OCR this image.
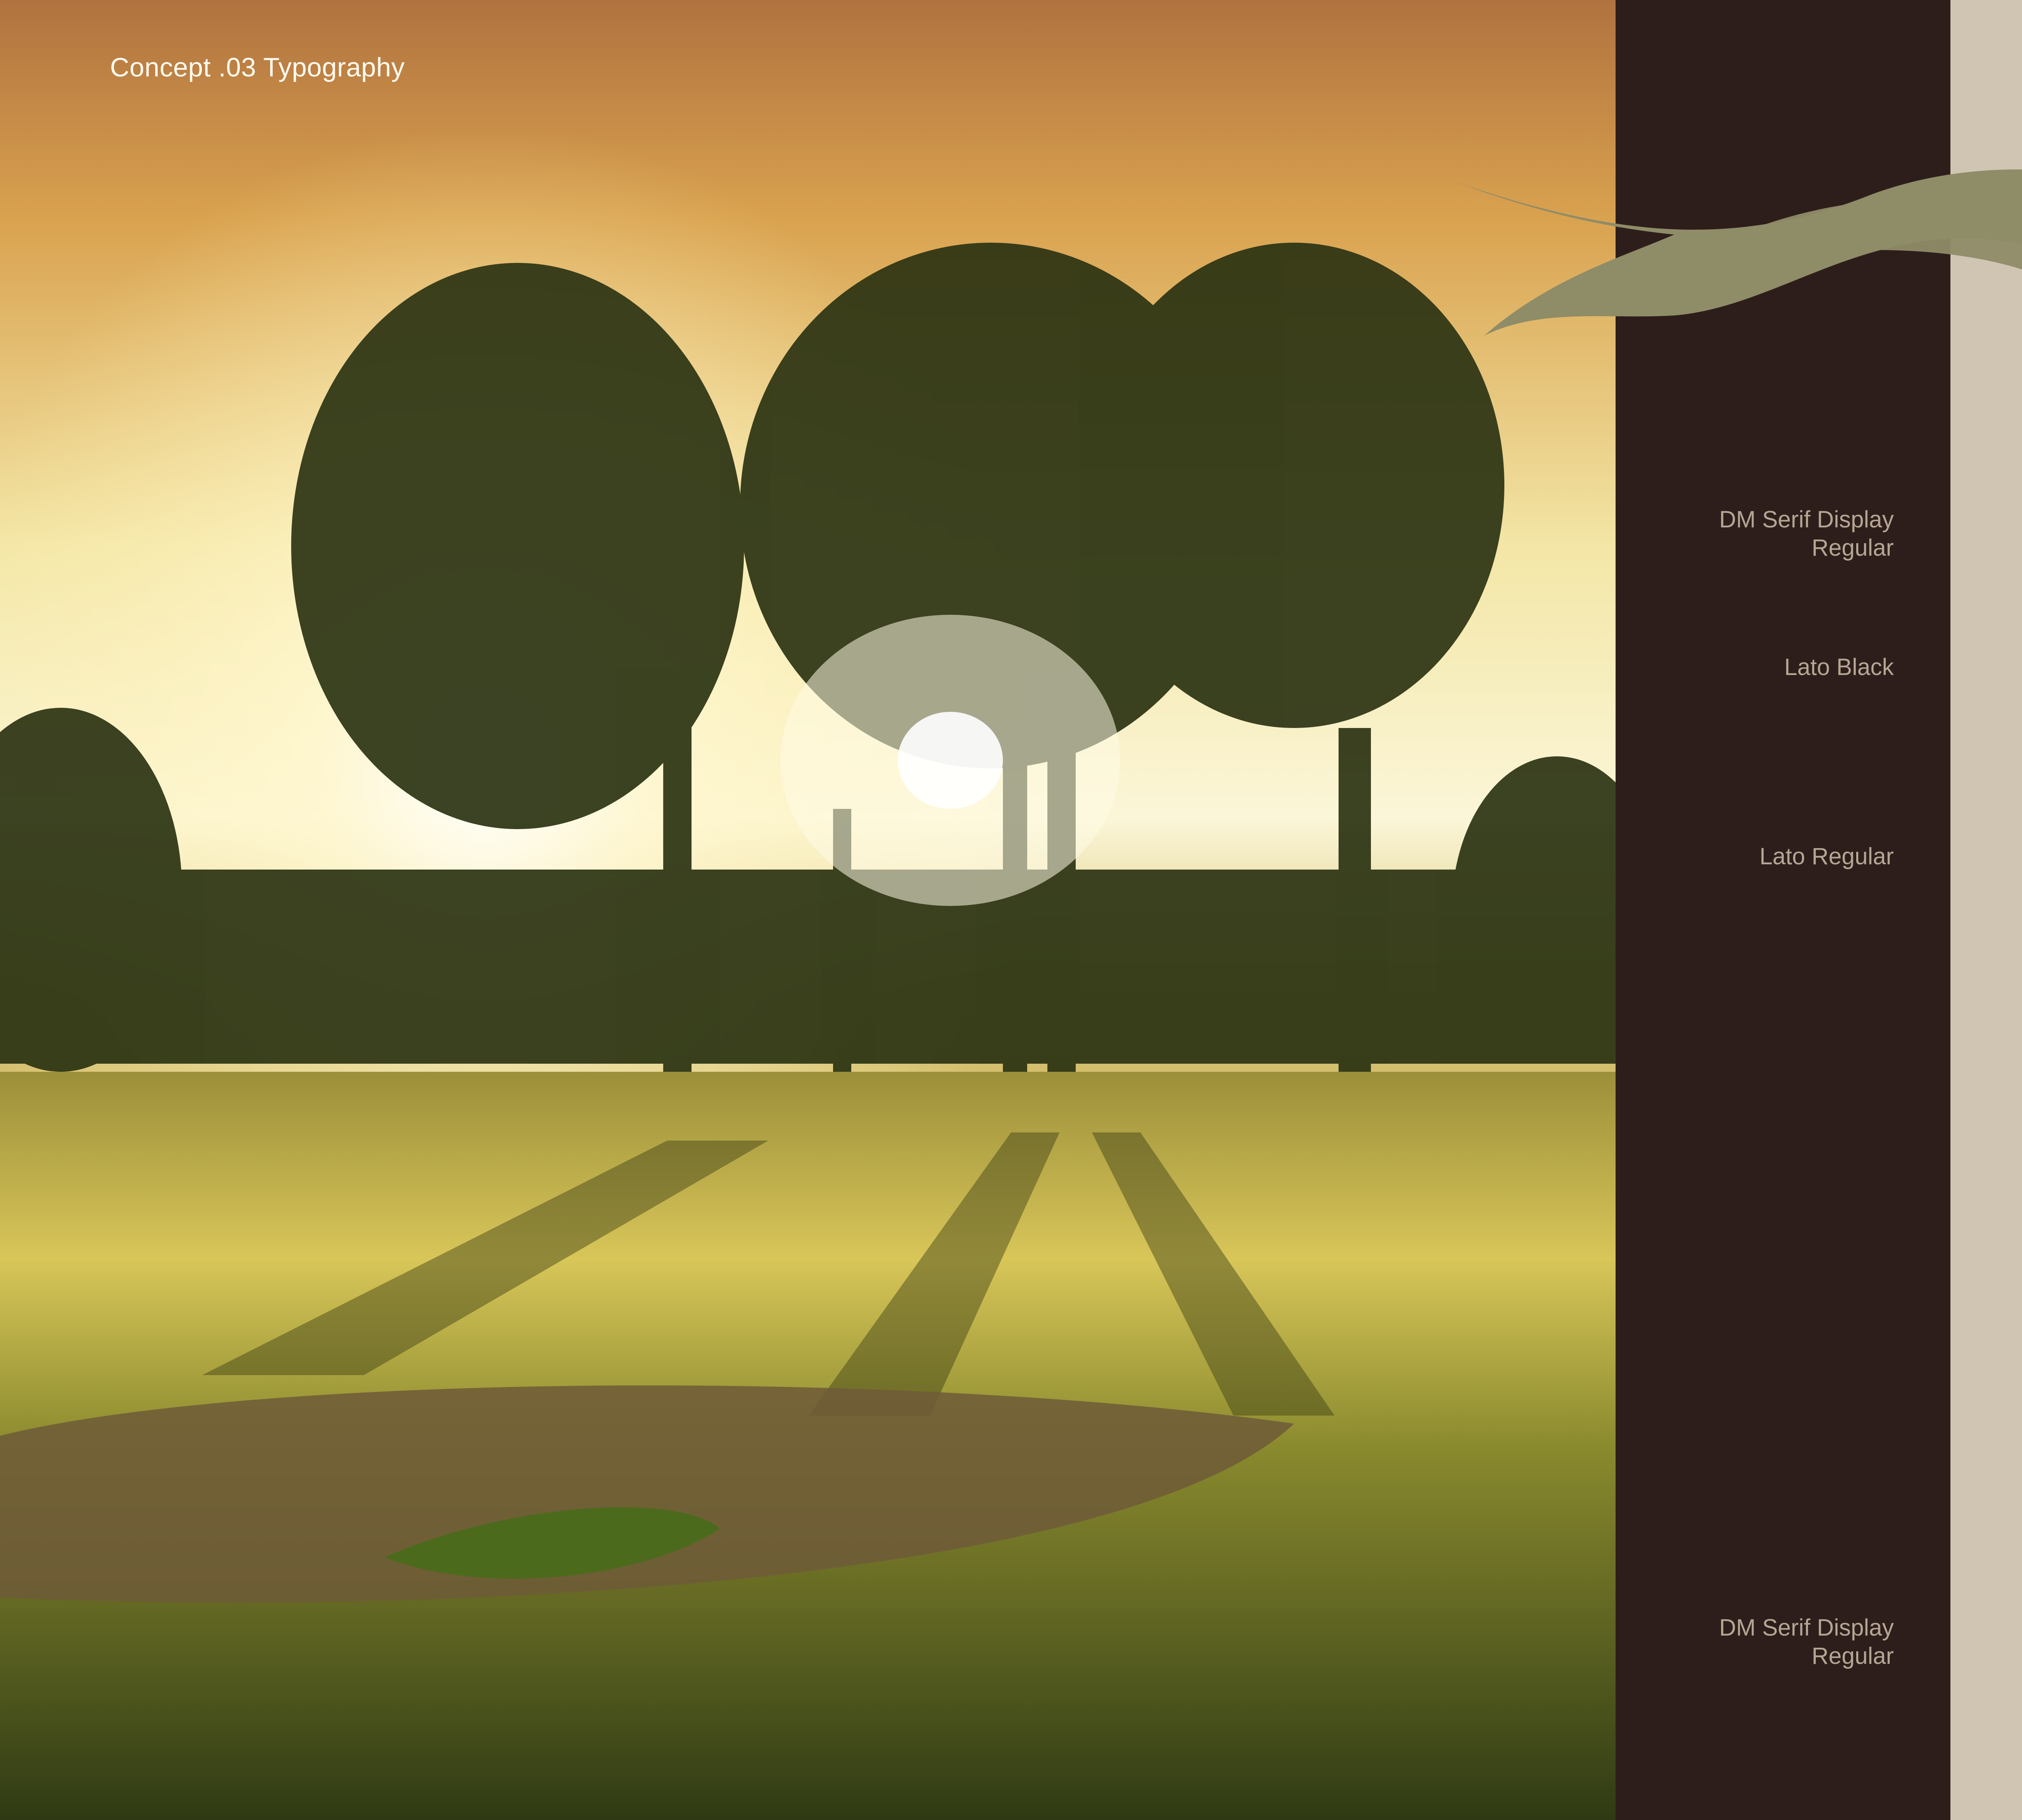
Concept .03 Typography
DM Serif Display Regular
Lato Black
Lato Regular
DM Serif Display Regular
